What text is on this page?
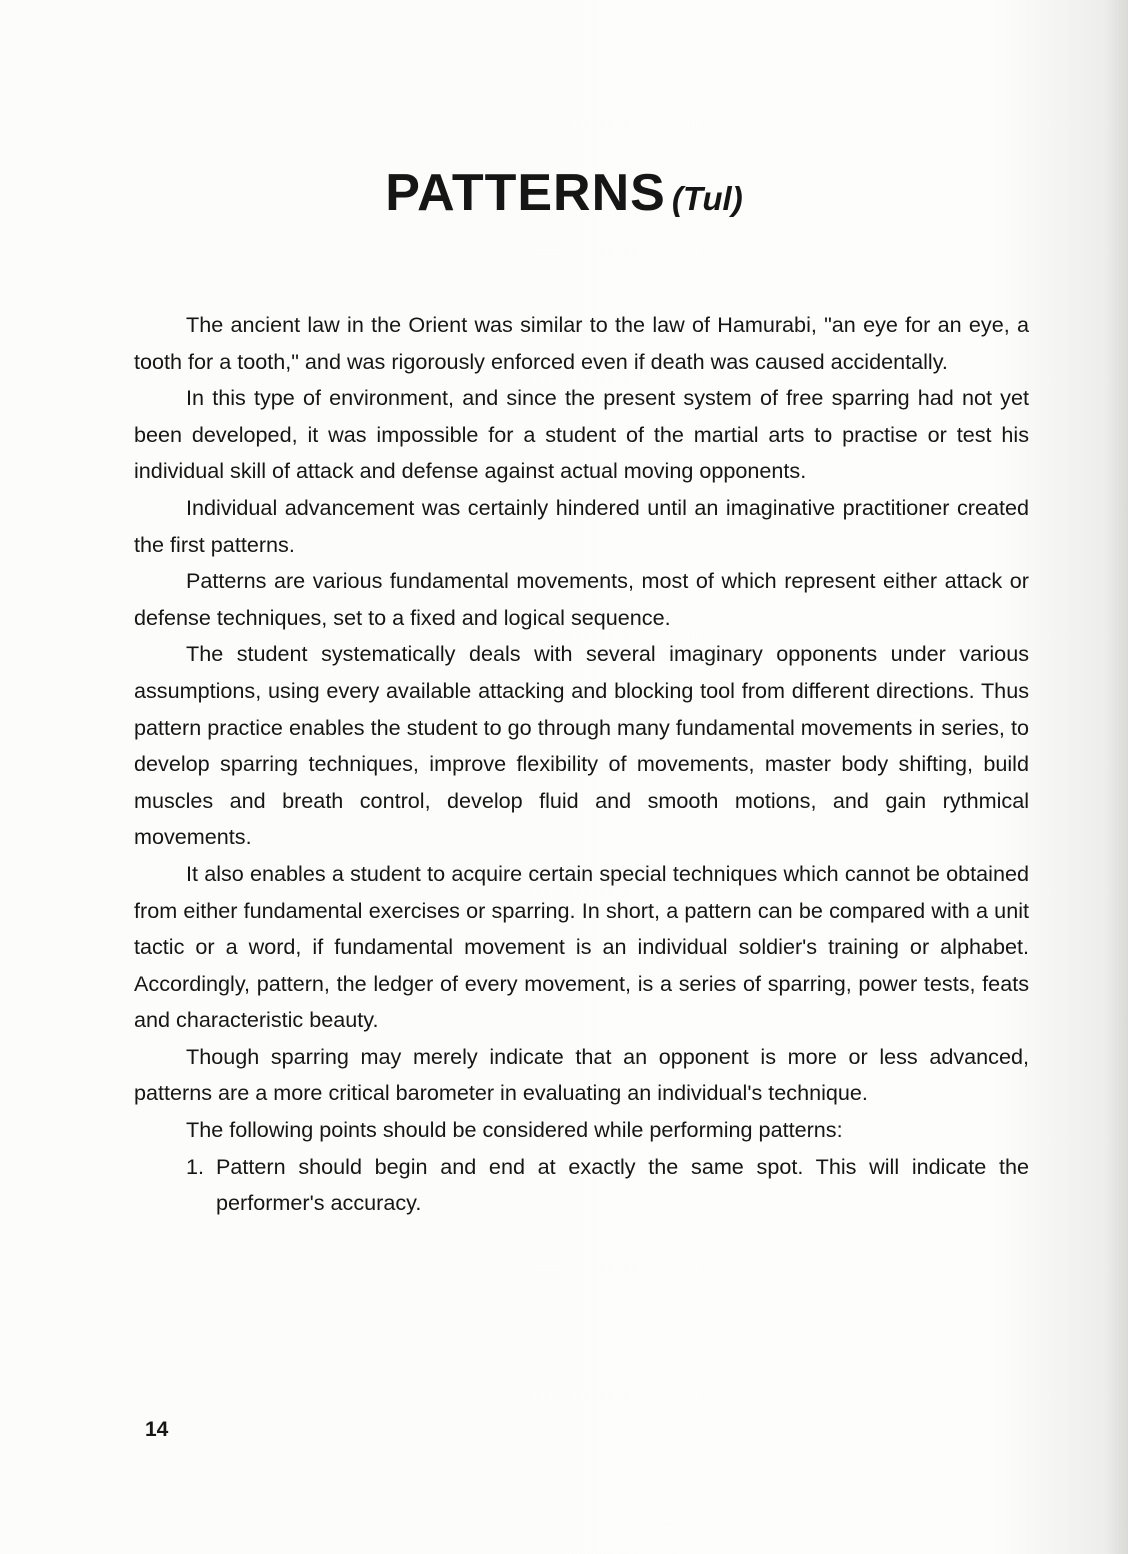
PATTERNS (Tul)

The ancient law in the Orient was similar to the law of Hamurabi, "an eye for an eye, a tooth for a tooth," and was rigorously enforced even if death was caused accidentally.

In this type of environment, and since the present system of free sparring had not yet been developed, it was impossible for a student of the martial arts to practise or test his individual skill of attack and defense against actual moving opponents.

Individual advancement was certainly hindered until an imaginative practitioner created the first patterns.

Patterns are various fundamental movements, most of which represent either attack or defense techniques, set to a fixed and logical sequence.

The student systematically deals with several imaginary opponents under various assumptions, using every available attacking and blocking tool from different directions. Thus pattern practice enables the student to go through many fundamental movements in series, to develop sparring techniques, improve flexibility of movements, master body shifting, build muscles and breath control, develop fluid and smooth motions, and gain rythmical movements.

It also enables a student to acquire certain special techniques which cannot be obtained from either fundamental exercises or sparring. In short, a pattern can be compared with a unit tactic or a word, if fundamental movement is an individual soldier's training or alphabet. Accordingly, pattern, the ledger of every movement, is a series of sparring, power tests, feats and characteristic beauty.

Though sparring may merely indicate that an opponent is more or less advanced, patterns are a more critical barometer in evaluating an individual's technique.

The following points should be considered while performing patterns:

1. Pattern should begin and end at exactly the same spot. This will indicate the performer's accuracy.
14
